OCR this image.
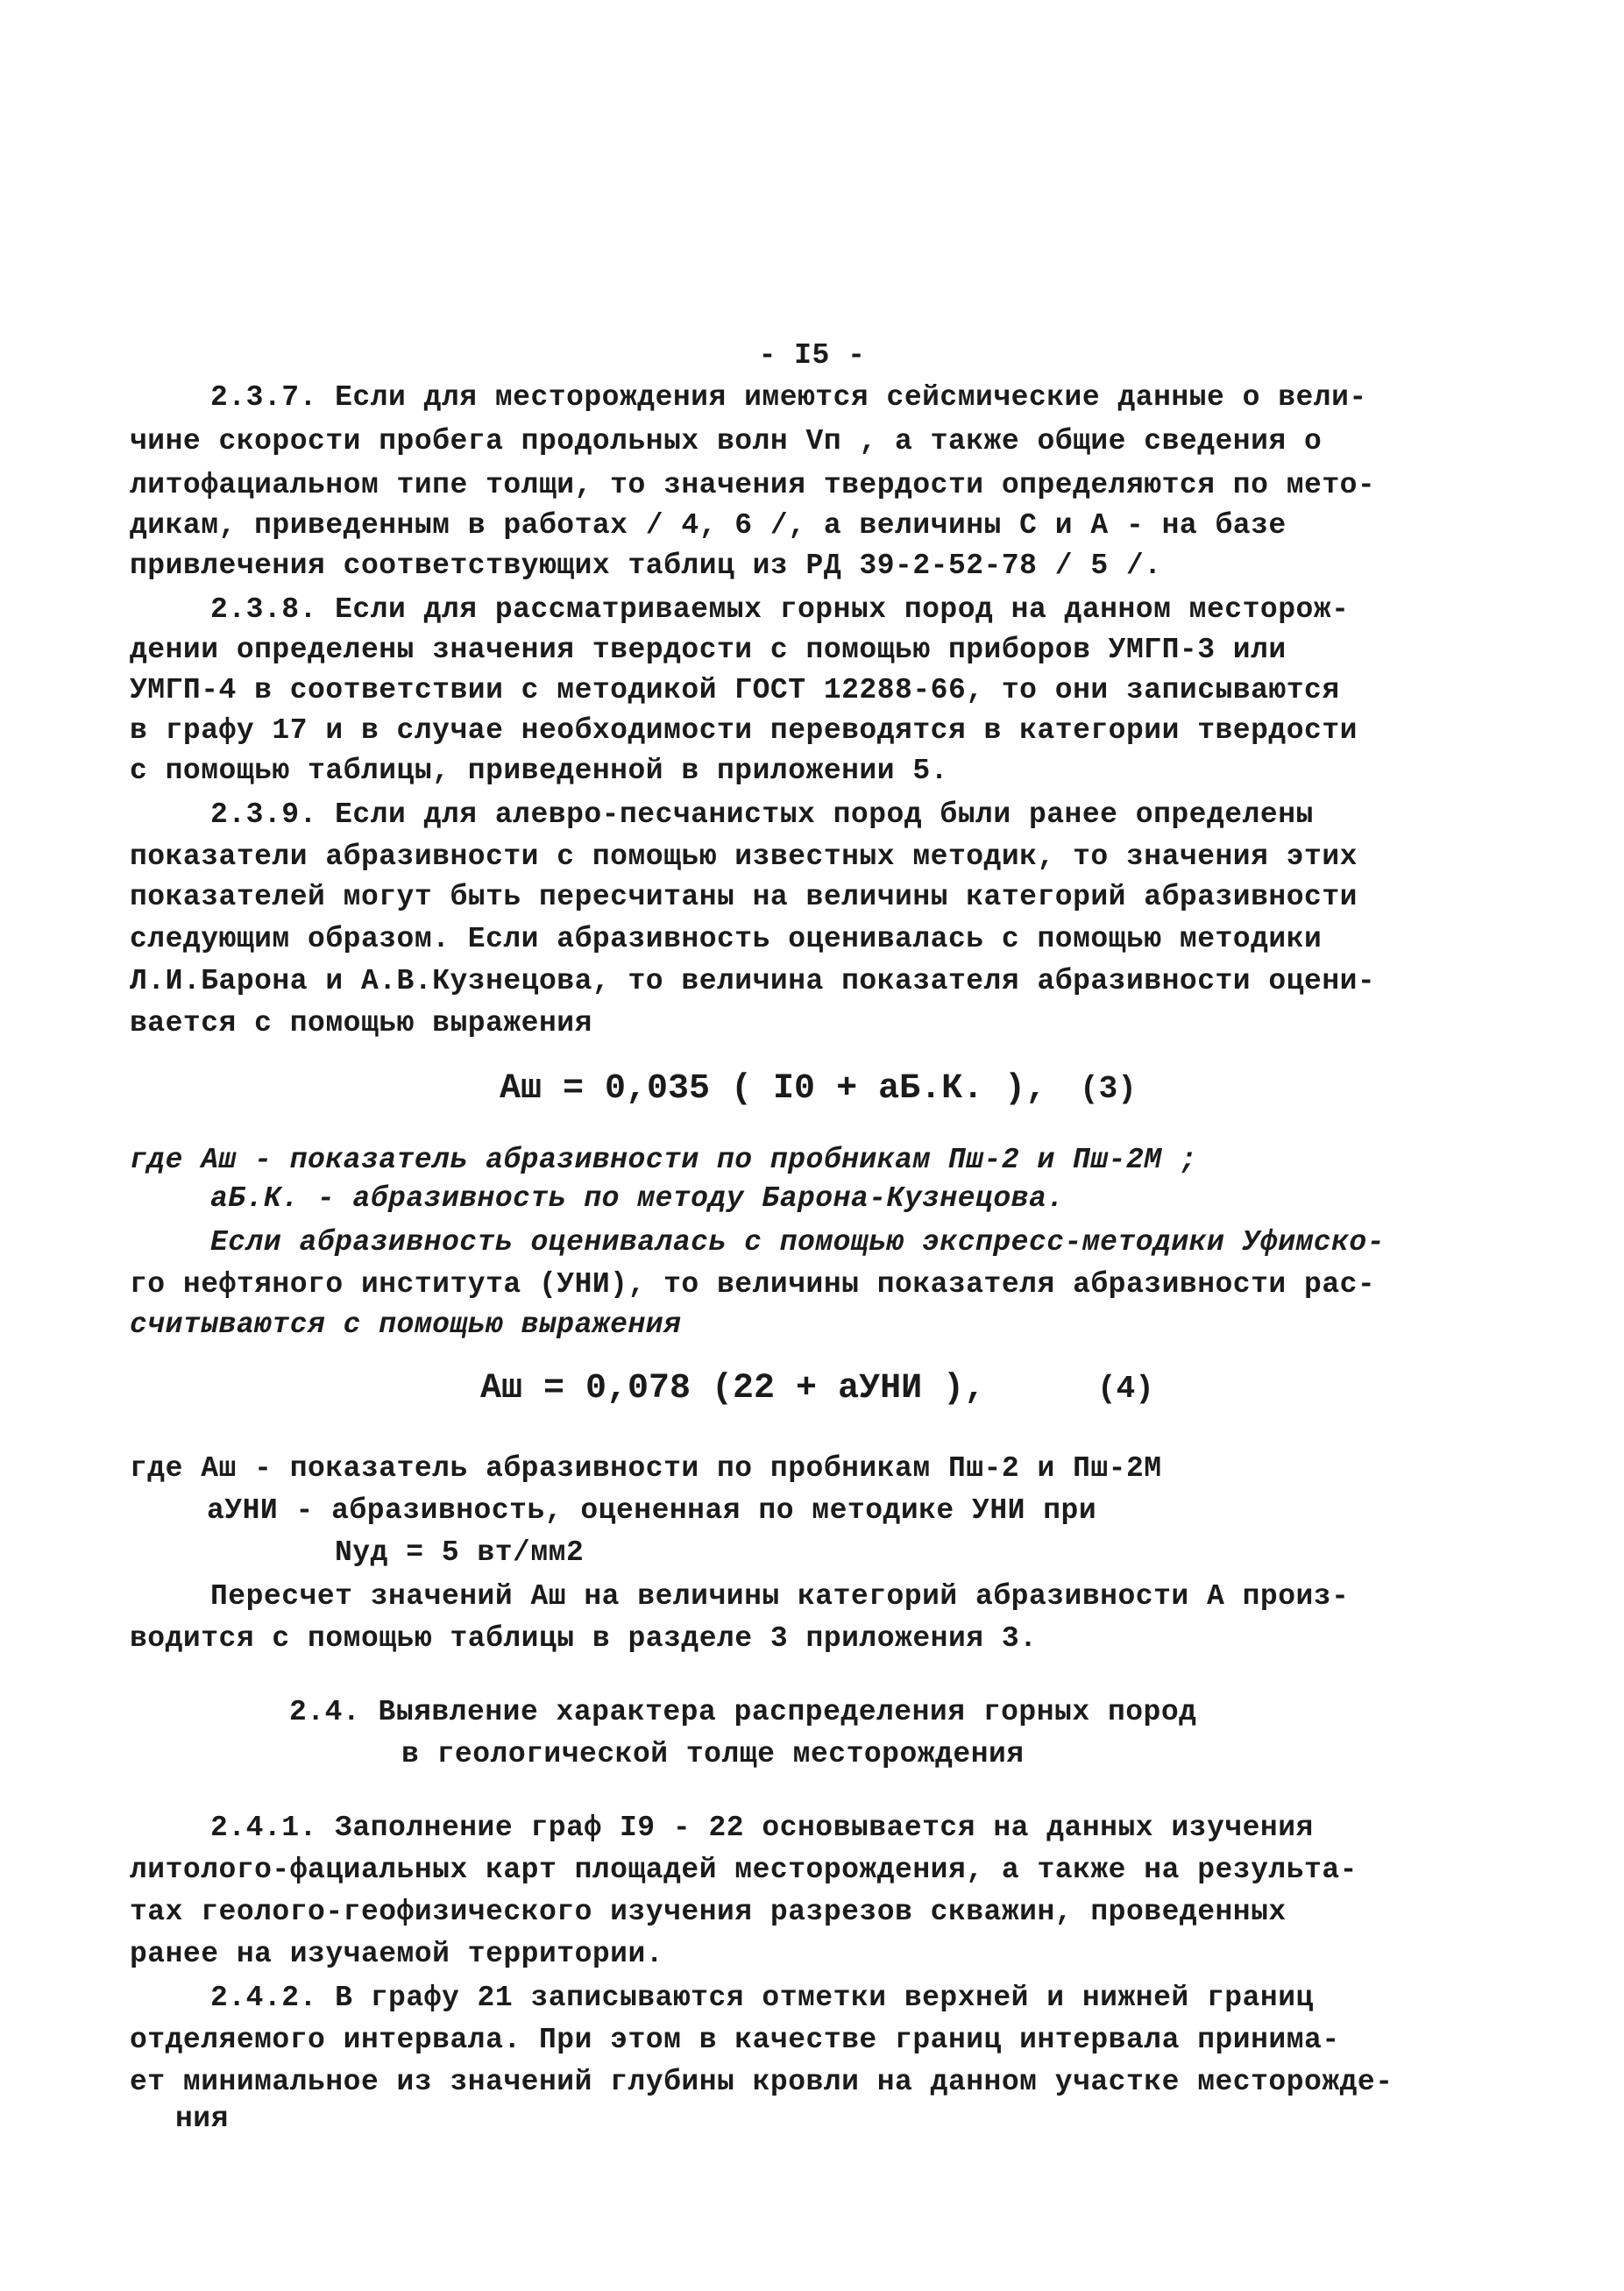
- I5 -
2.3.7. Если для месторождения имеются сейсмические данные о вели-
чине скорости пробега продольных волн Vп , а также общие сведения о
литофациальном типе толщи, то значения твердости определяются по мето-
дикам, приведенным в работах / 4, 6 /, а величины С и А - на базе
привлечения соответствующих таблиц из РД 39-2-52-78 / 5 /.
2.3.8. Если для рассматриваемых горных пород на данном месторож-
дении определены значения твердости с помощью приборов УМГП-3 или
УМГП-4 в соответствии с методикой ГОСТ 12288-66, то они записываются
в графу 17 и в случае необходимости переводятся в категории твердости
с помощью таблицы, приведенной в приложении 5.
2.3.9. Если для алевро-песчанистых пород были ранее определены
показатели абразивности с помощью известных методик, то значения этих
показателей могут быть пересчитаны на величины категорий абразивности
следующим образом. Если абразивность оценивалась с помощью методики
Л.И.Барона и А.В.Кузнецова, то величина показателя абразивности оцени-
вается с помощью выражения
Aш = 0,035 ( I0 + aБ.К. ), (3)
где Aш - показатель абразивности по пробникам Пш-2 и Пш-2М ;
aБ.К. - абразивность по методу Барона-Кузнецова.
Если абразивность оценивалась с помощью экспресс-методики Уфимско-
го нефтяного института (УНИ), то величины показателя абразивности рас-
считываются с помощью выражения
Aш = 0,078 (22 + aУНИ ),	(4)
где Aш - показатель абразивности по пробникам Пш-2 и Пш-2М
aУНИ - абразивность, оцененная по методике УНИ при
Nуд = 5 вт/мм2
Пересчет значений Aш на величины категорий абразивности А произ-
водится с помощью таблицы в разделе 3 приложения 3.
2.4. Выявление характера распределения горных пород
в геологической толще месторождения
2.4.1. Заполнение граф I9 - 22 основывается на данных изучения
литолого-фациальных карт площадей месторождения, а также на результа-
тах геолого-геофизического изучения разрезов скважин, проведенных
ранее на изучаемой территории.
2.4.2. В графу 21 записываются отметки верхней и нижней границ
отделяемого интервала. При этом в качестве границ интервала принима-
ет минимальное из значений глубины кровли на данном участке месторожде-
ния
